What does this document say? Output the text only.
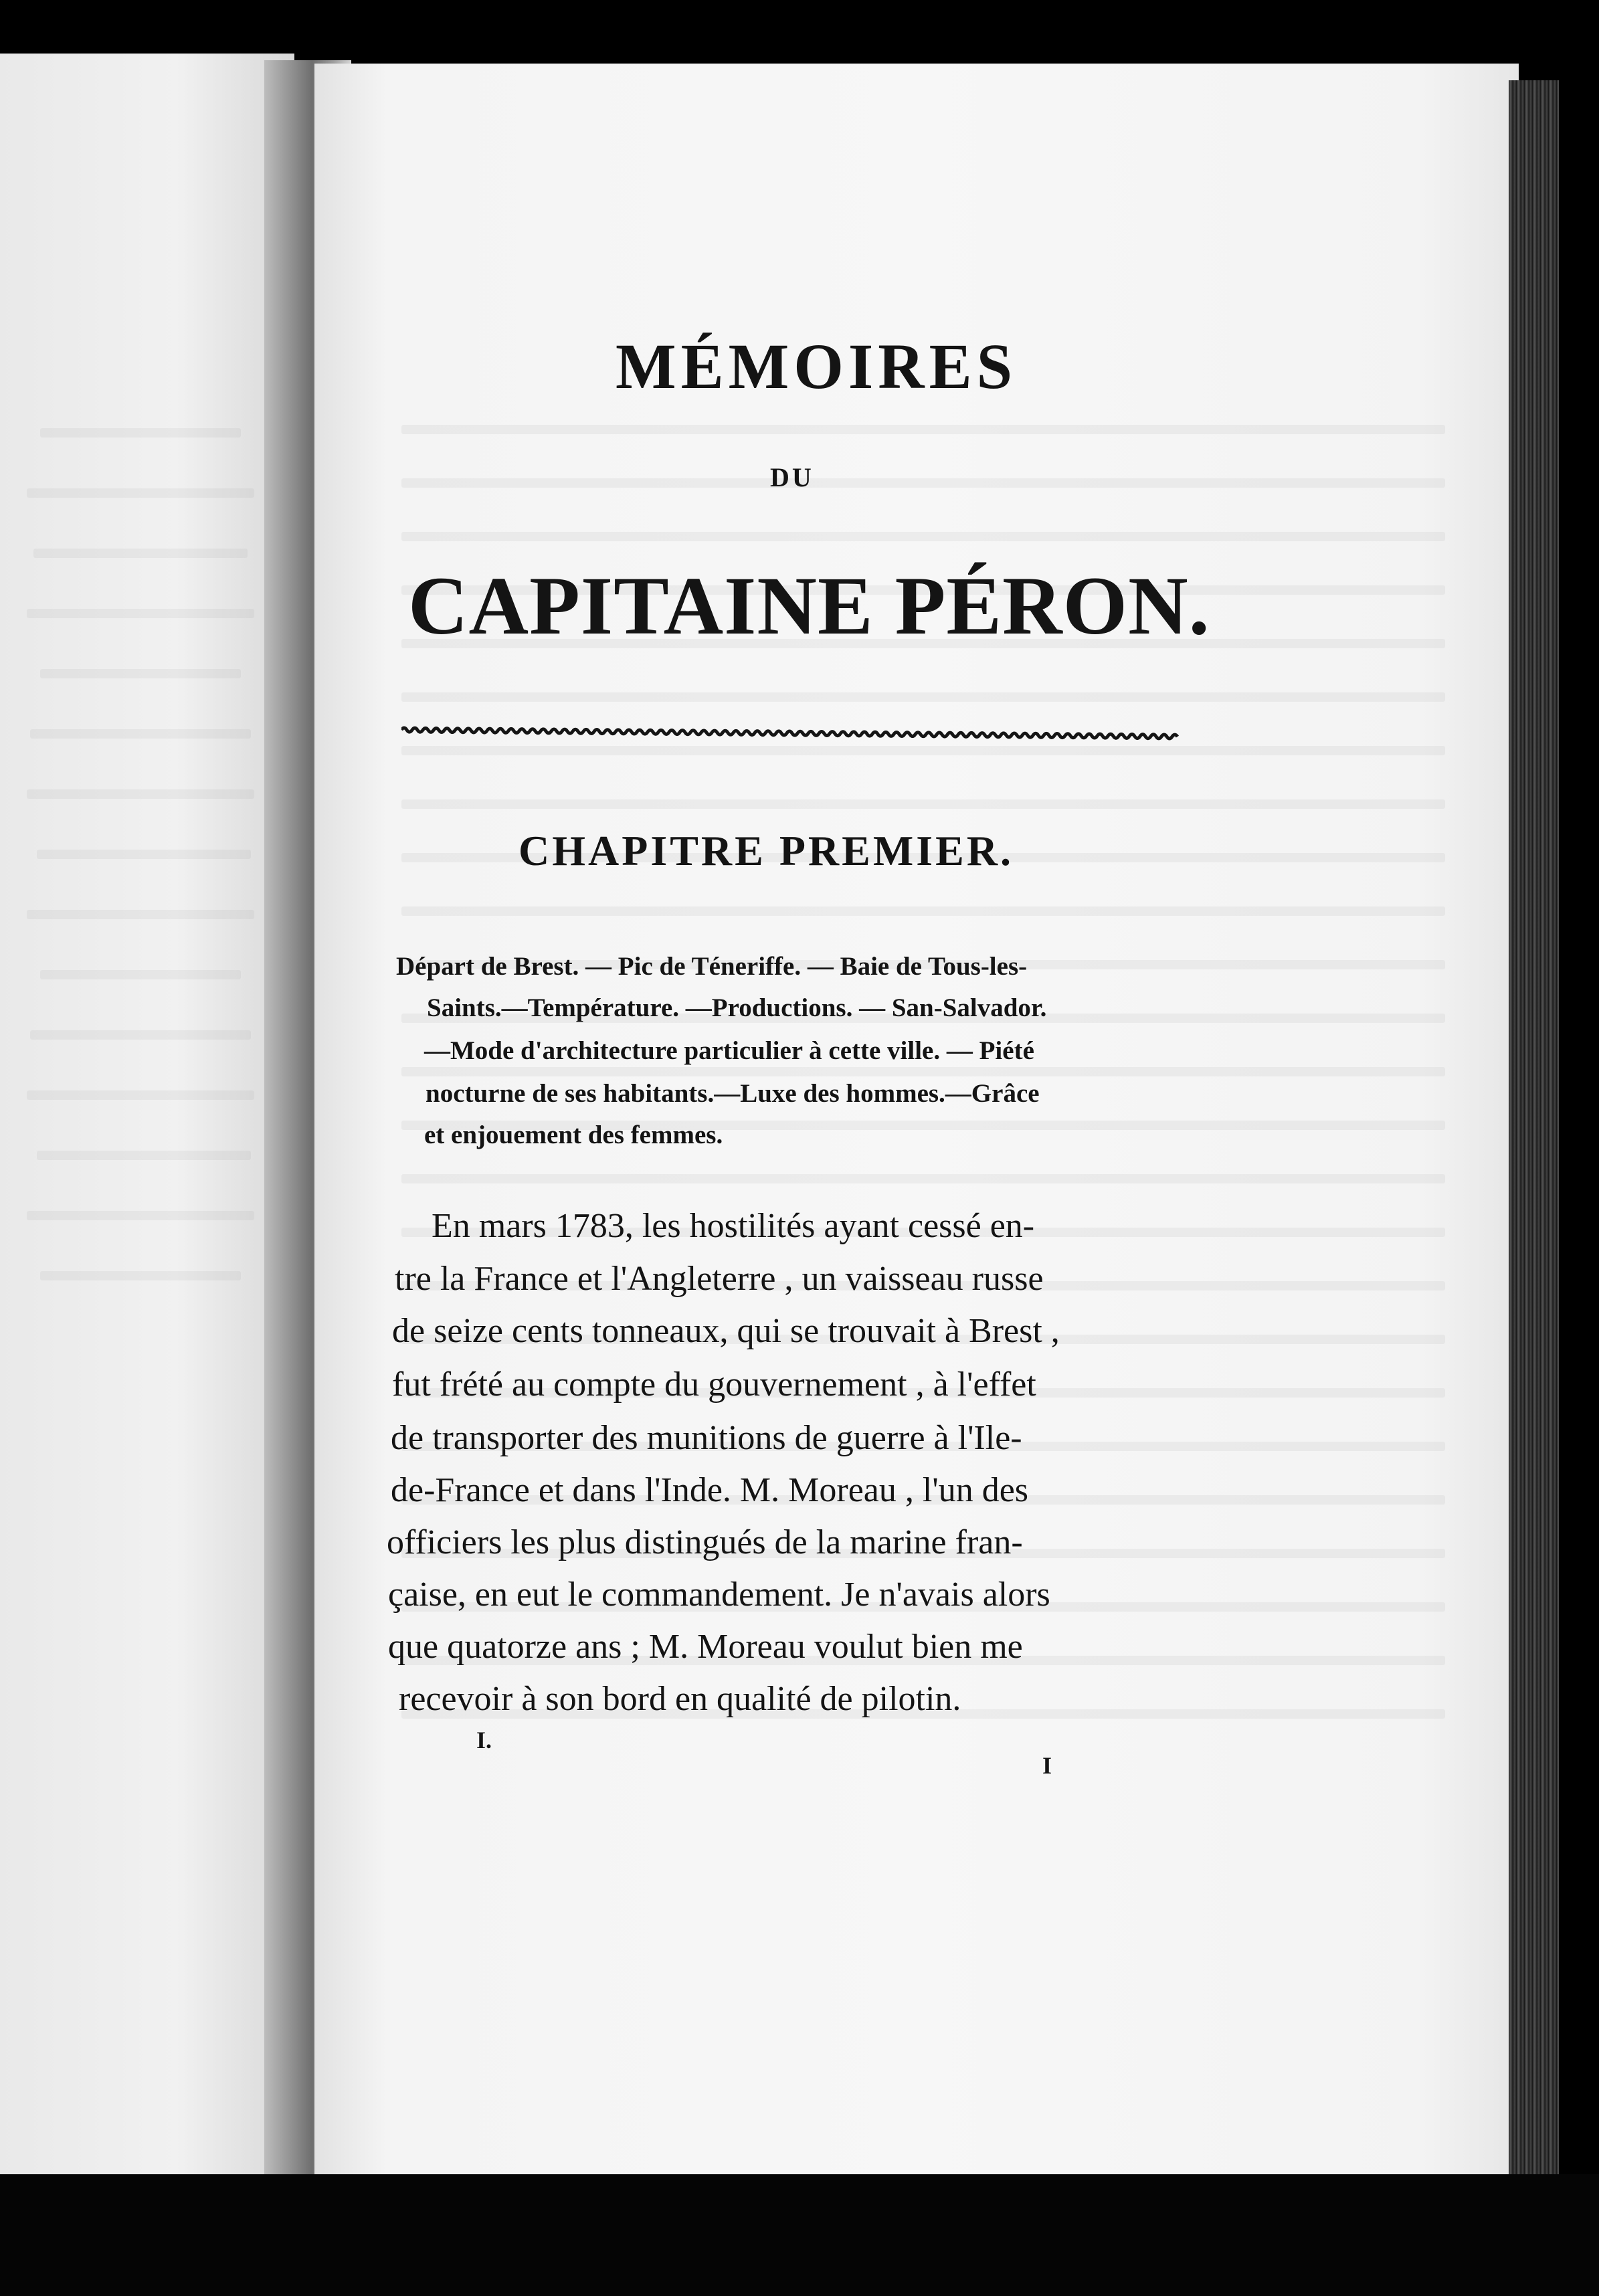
MÉMOIRES

DU

CAPITAINE PÉRON.

CHAPITRE PREMIER.

Départ de Brest. — Pic de Téneriffe. — Baie de Tous-les-

Saints.—Température. —Productions. — San-Salvador.

—Mode d'architecture particulier à cette ville. — Piété

nocturne de ses habitants.—Luxe des hommes.—Grâce

et enjouement des femmes.

En mars 1783, les hostilités ayant cessé en-

tre la France et l'Angleterre , un vaisseau russe

de seize cents tonneaux, qui se trouvait à Brest ,

fut frété au compte du gouvernement , à l'effet

de transporter des munitions de guerre à l'Ile-

de-France et dans l'Inde. M. Moreau , l'un des

officiers les plus distingués de la marine fran-

çaise, en eut le commandement. Je n'avais alors

que quatorze ans ; M. Moreau voulut bien me

recevoir à son bord en qualité de pilotin.

I.

I
